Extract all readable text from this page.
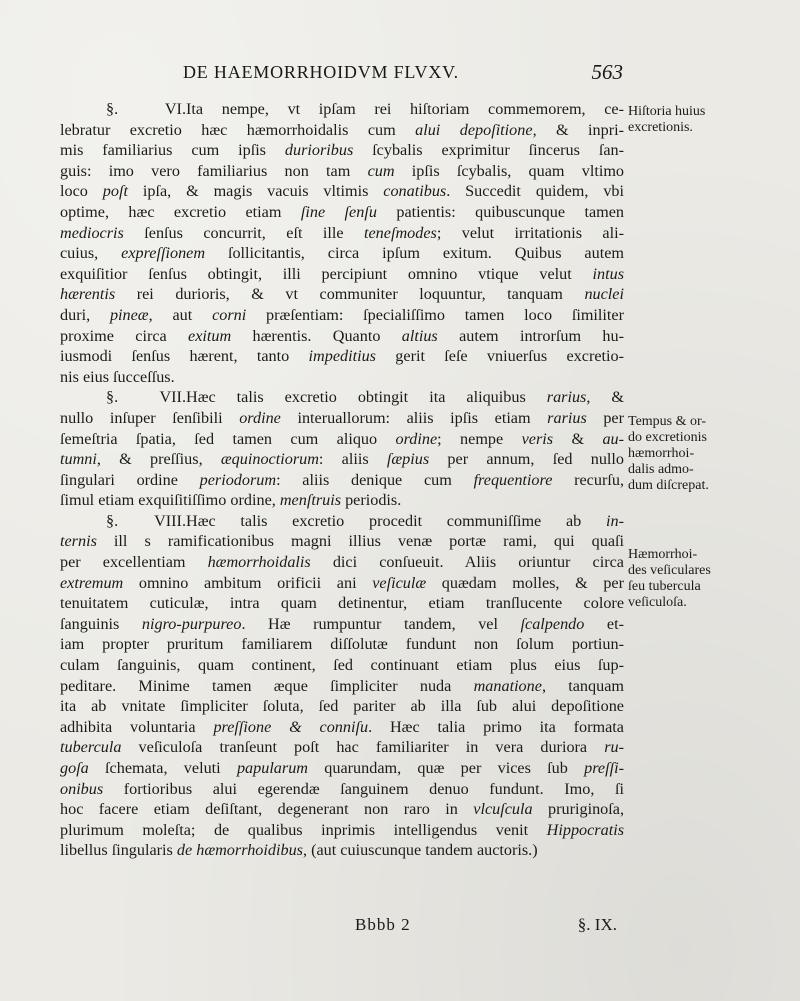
DE HAEMORRHOIDVM FLVXV.	563
§. VI.Ita nempe, vt ipſam rei hiſtoriam commemorem, ce-
lebratur excretio hæc hæmorrhoidalis cum alui depoſitione, & inpri-
mis familiarius cum ipſis durioribus ſcybalis exprimitur ſincerus ſan-
guis: imo vero familiarius non tam cum ipſis ſcybalis, quam vltimo
loco poſt ipſa, & magis vacuis vltimis conatibus. Succedit quidem, vbi
optime, hæc excretio etiam ſine ſenſu patientis: quibuscunque tamen
mediocris ſenſus concurrit, eſt ille teneſmodes; velut irritationis ali-
cuius, expreſſionem ſollicitantis, circa ipſum exitum. Quibus autem
exquiſitior ſenſus obtingit, illi percipiunt omnino vtique velut intus
hærentis rei durioris, & vt communiter loquuntur, tanquam nuclei
duri, pineæ, aut corni præſentiam: ſpecialiſſimo tamen loco ſimiliter
proxime circa exitum hærentis. Quanto altius autem introrſum hu-
iusmodi ſenſus hærent, tanto impeditius gerit ſeſe vniuerſus excretio-
nis eius ſucceſſus.
§. VII.Hæc talis excretio obtingit ita aliquibus rarius, &
nullo inſuper ſenſibili ordine interuallorum: aliis ipſis etiam rarius per
ſemeſtria ſpatia, ſed tamen cum aliquo ordine; nempe veris & au-
tumni, & preſſius, æquinoctiorum: aliis ſæpius per annum, ſed nullo
ſingulari ordine periodorum: aliis denique cum frequentiore recurſu,
ſimul etiam exquiſitiſſimo ordine, menſtruis periodis.
§. VIII.Hæc talis excretio procedit communiſſime ab in-
ternis ill s ramificationibus magni illius venæ portæ rami, qui quaſi
per excellentiam hæmorrhoidalis dici conſueuit. Aliis oriuntur circa
extremum omnino ambitum orificii ani veſiculæ quædam molles, & per
tenuitatem cuticulæ, intra quam detinentur, etiam tranſlucente colore
ſanguinis nigro-purpureo. Hæ rumpuntur tandem, vel ſcalpendo et-
iam propter pruritum familiarem diſſolutæ fundunt non ſolum portiun-
culam ſanguinis, quam continent, ſed continuant etiam plus eius ſup-
peditare. Minime tamen æque ſimpliciter nuda manatione, tanquam
ita ab vnitate ſimpliciter ſoluta, ſed pariter ab illa ſub alui depoſitione
adhibita voluntaria preſſione & conniſu. Hæc talia primo ita formata
tubercula veſiculoſa tranſeunt poſt hac familiariter in vera duriora ru-
goſa ſchemata, veluti papularum quarundam, quæ per vices ſub preſſi-
onibus fortioribus alui egerendæ ſanguinem denuo fundunt. Imo, ſi
hoc facere etiam deſiſtant, degenerant non raro in vlcuſcula pruriginoſa,
plurimum moleſta; de qualibus inprimis intelligendus venit Hippocratis
libellus ſingularis de hæmorrhoidibus, (aut cuiuscunque tandem auctoris.)
Hiſtoria huius
excretionis.
Tempus & or-
do excretionis
hæmorrhoi-
dalis admo-
dum diſcrepat.
Hæmorrhoi-
des veſiculares
ſeu tubercula
veſiculoſa.
Bbbb 2	§. IX.
